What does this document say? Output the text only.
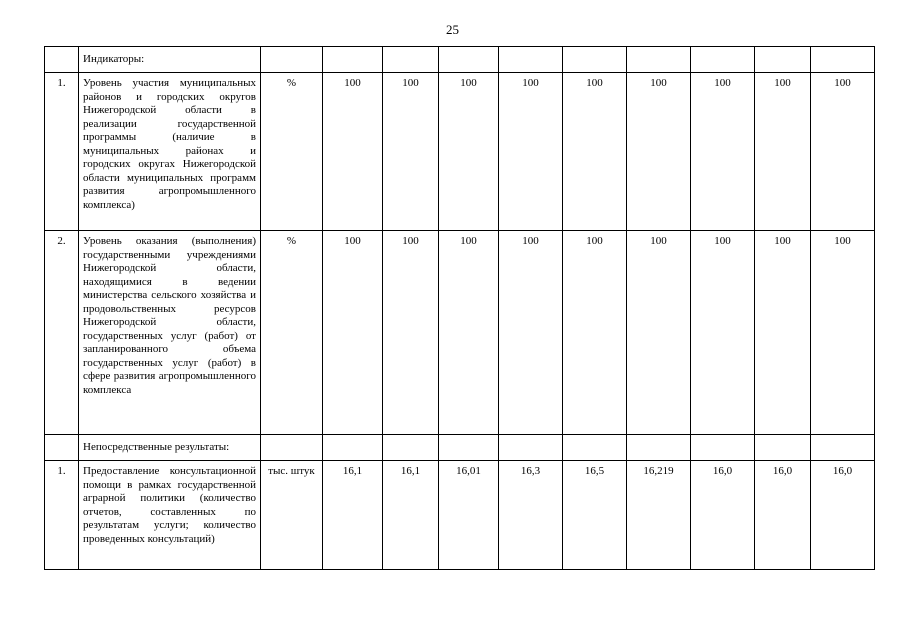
25
	Индикаторы:										
1.	Уровень участия муниципальных районов и городских округов Нижегородской области в реализации государственной программы (наличие в муниципальных районах и городских округах Нижегородской области муниципальных программ развития агропромышленного комплекса)	%	100	100	100	100	100	100	100	100	100
2.	Уровень оказания (выполнения) государственными учреждениями Нижегородской области, находящимися в ведении министерства сельского хозяйства и продовольственных ресурсов Нижегородской области, государственных услуг (работ) от запланированного объема государственных услуг (работ) в сфере развития агропромышленного комплекса	%	100	100	100	100	100	100	100	100	100
	Непосредственные результаты:										
1.	Предоставление консультационной помощи в рамках государственной аграрной политики (количество отчетов, составленных по результатам услуги; количество проведенных консультаций)	тыс. штук	16,1	16,1	16,01	16,3	16,5	16,219	16,0	16,0	16,0
